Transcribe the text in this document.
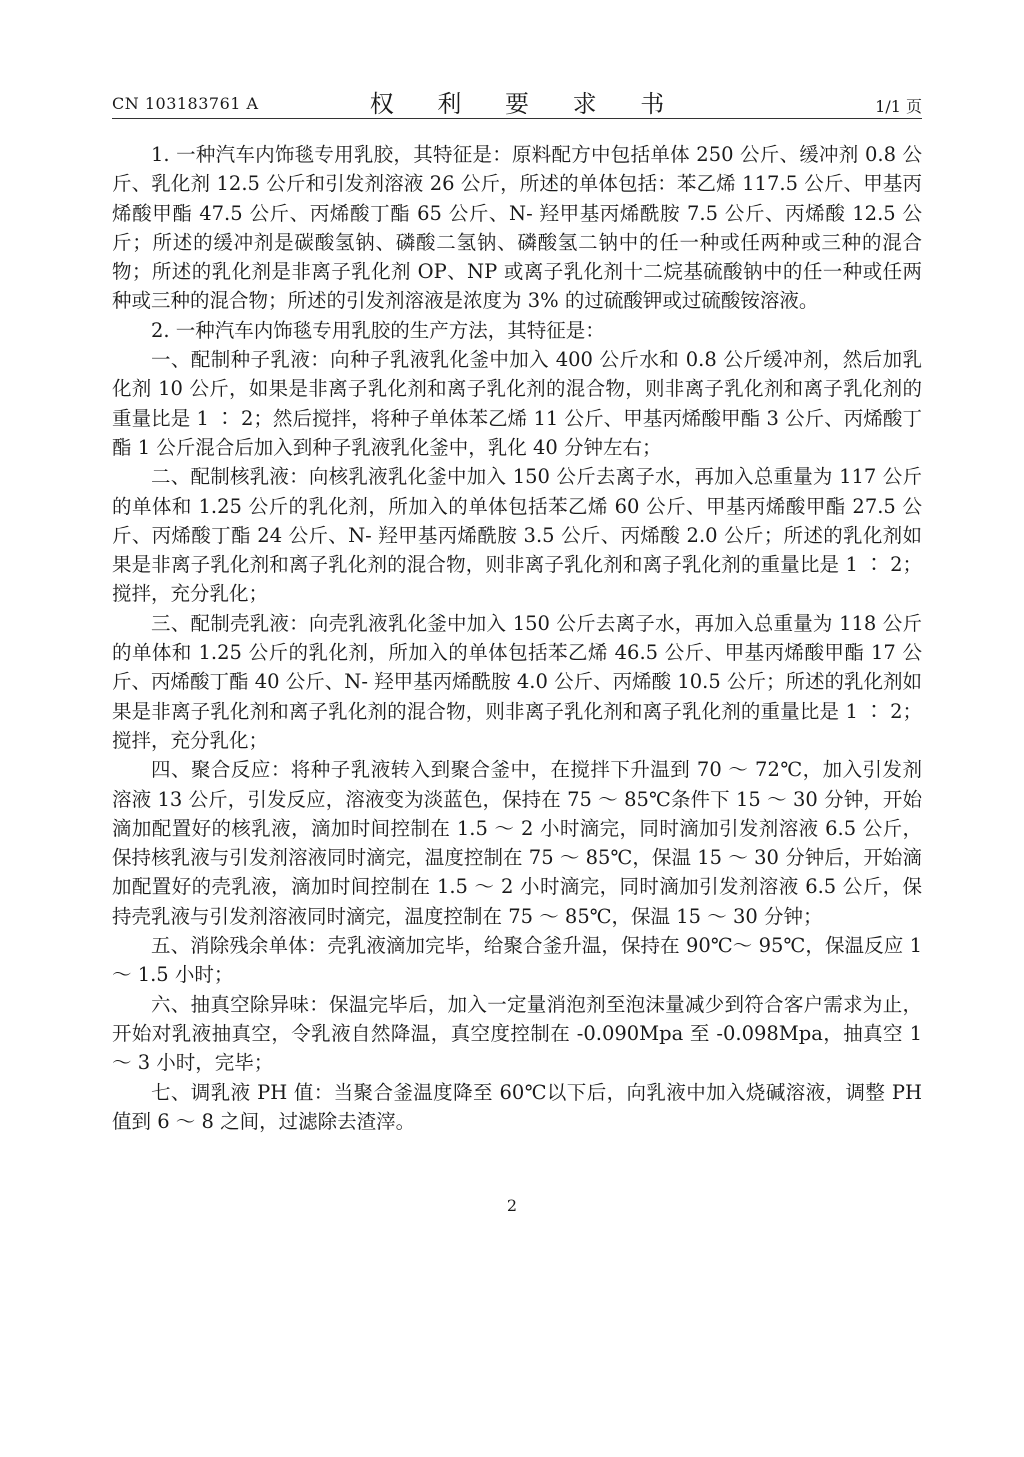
CN 103183761 A	权 利 要 求 书	1/1 页

1. 一种汽车内饰毯专用乳胶，其特征是：原料配方中包括单体 250 公斤、缓冲剂 0.8 公斤、乳化剂 12.5 公斤和引发剂溶液 26 公斤，所述的单体包括：苯乙烯 117.5 公斤、甲基丙烯酸甲酯 47.5 公斤、丙烯酸丁酯 65 公斤、N- 羟甲基丙烯酰胺 7.5 公斤、丙烯酸 12.5 公斤；所述的缓冲剂是碳酸氢钠、磷酸二氢钠、磷酸氢二钠中的任一种或任两种或三种的混合物；所述的乳化剂是非离子乳化剂 OP、NP 或离子乳化剂十二烷基硫酸钠中的任一种或任两种或三种的混合物；所述的引发剂溶液是浓度为 3% 的过硫酸钾或过硫酸铵溶液。

2. 一种汽车内饰毯专用乳胶的生产方法，其特征是：

一、配制种子乳液：向种子乳液乳化釜中加入 400 公斤水和 0.8 公斤缓冲剂，然后加乳化剂 10 公斤，如果是非离子乳化剂和离子乳化剂的混合物，则非离子乳化剂和离子乳化剂的重量比是 1 ∶ 2；然后搅拌，将种子单体苯乙烯 11 公斤、甲基丙烯酸甲酯 3 公斤、丙烯酸丁酯 1 公斤混合后加入到种子乳液乳化釜中，乳化 40 分钟左右；

二、配制核乳液：向核乳液乳化釜中加入 150 公斤去离子水，再加入总重量为 117 公斤的单体和 1.25 公斤的乳化剂，所加入的单体包括苯乙烯 60 公斤、甲基丙烯酸甲酯 27.5 公斤、丙烯酸丁酯 24 公斤、N- 羟甲基丙烯酰胺 3.5 公斤、丙烯酸 2.0 公斤；所述的乳化剂如果是非离子乳化剂和离子乳化剂的混合物，则非离子乳化剂和离子乳化剂的重量比是 1 ∶ 2；搅拌，充分乳化；

三、配制壳乳液：向壳乳液乳化釜中加入 150 公斤去离子水，再加入总重量为 118 公斤的单体和 1.25 公斤的乳化剂，所加入的单体包括苯乙烯 46.5 公斤、甲基丙烯酸甲酯 17 公斤、丙烯酸丁酯 40 公斤、N- 羟甲基丙烯酰胺 4.0 公斤、丙烯酸 10.5 公斤；所述的乳化剂如果是非离子乳化剂和离子乳化剂的混合物，则非离子乳化剂和离子乳化剂的重量比是 1 ∶ 2；搅拌，充分乳化；

四、聚合反应：将种子乳液转入到聚合釜中，在搅拌下升温到 70 ～ 72℃，加入引发剂溶液 13 公斤，引发反应，溶液变为淡蓝色，保持在 75 ～ 85℃条件下 15 ～ 30 分钟，开始滴加配置好的核乳液，滴加时间控制在 1.5 ～ 2 小时滴完，同时滴加引发剂溶液 6.5 公斤，保持核乳液与引发剂溶液同时滴完，温度控制在 75 ～ 85℃，保温 15 ～ 30 分钟后，开始滴加配置好的壳乳液，滴加时间控制在 1.5 ～ 2 小时滴完，同时滴加引发剂溶液 6.5 公斤，保持壳乳液与引发剂溶液同时滴完，温度控制在 75 ～ 85℃，保温 15 ～ 30 分钟；

五、消除残余单体：壳乳液滴加完毕，给聚合釜升温，保持在 90℃～ 95℃，保温反应 1 ～ 1.5 小时；

六、抽真空除异味：保温完毕后，加入一定量消泡剂至泡沫量减少到符合客户需求为止，开始对乳液抽真空，令乳液自然降温，真空度控制在 -0.090Mpa 至 -0.098Mpa，抽真空 1 ～ 3 小时，完毕；

七、调乳液 PH 值：当聚合釜温度降至 60℃以下后，向乳液中加入烧碱溶液，调整 PH 值到 6 ～ 8 之间，过滤除去渣滓。

2
